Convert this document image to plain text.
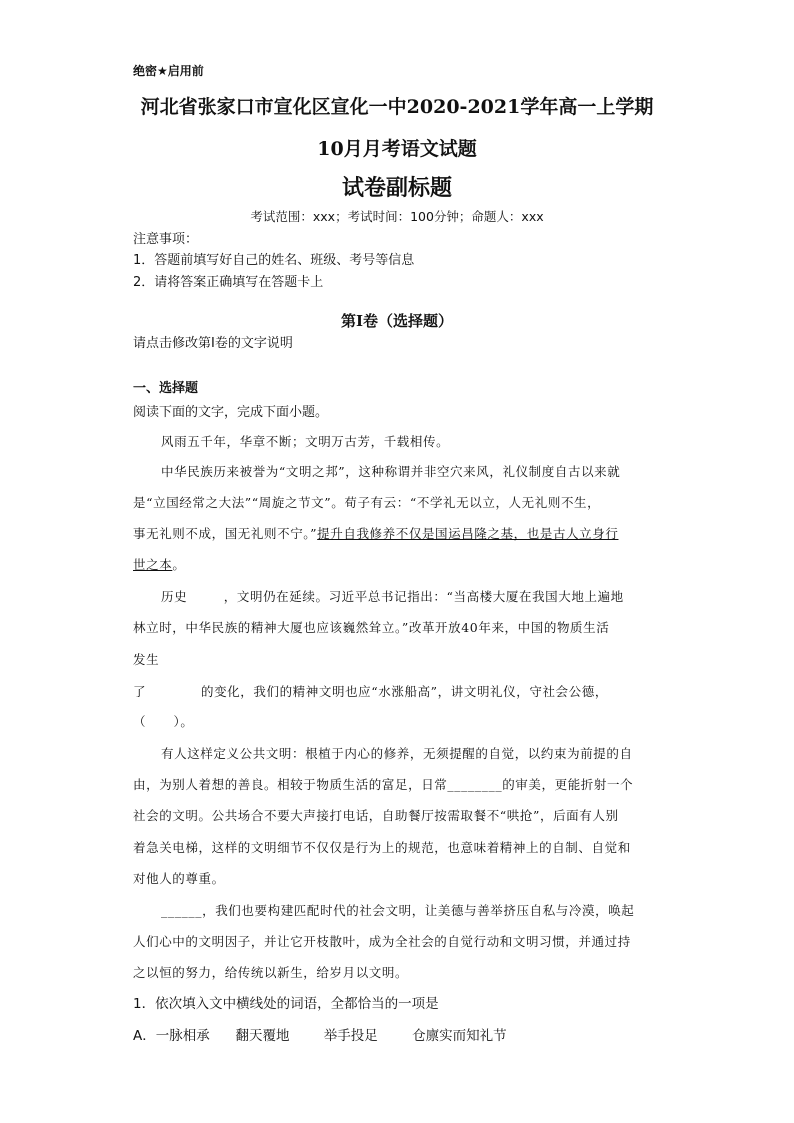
绝密★启用前
河北省张家口市宣化区宣化一中2020-2021学年高一上学期
10月月考语文试题
试卷副标题
考试范围：xxx；考试时间：100分钟；命题人：xxx
注意事项：
1．答题前填写好自己的姓名、班级、考号等信息
2．请将答案正确填写在答题卡上
第I卷（选择题）
请点击修改第I卷的文字说明
一、选择题
阅读下面的文字，完成下面小题。
风雨五千年，华章不断；文明万古芳，千载相传。
中华民族历来被誉为“文明之邦”，这种称谓并非空穴来风，礼仪制度自古以来就
是“立国经常之大法”“周旋之节文”。荀子有云：“不学礼无以立，人无礼则不生，
事无礼则不成，国无礼则不宁。”提升自我修养不仅是国运昌隆之基，也是古人立身行
世之本。
历史        ，文明仍在延续。习近平总书记指出：“当高楼大厦在我国大地上遍地
林立时，中华民族的精神大厦也应该巍然耸立。”改革开放40年来，中国的物质生活
发生
了            的变化，我们的精神文明也应“水涨船高”，讲文明礼仪，守社会公德，
（      ）。
有人这样定义公共文明：根植于内心的修养，无须提醒的自觉，以约束为前提的自
由，为别人着想的善良。相较于物质生活的富足，日常________的审美，更能折射一个
社会的文明。公共场合不要大声接打电话，自助餐厅按需取餐不“哄抢”，后面有人别
着急关电梯，这样的文明细节不仅仅是行为上的规范，也意味着精神上的自制、自觉和
对他人的尊重。
______，我们也要构建匹配时代的社会文明，让美德与善举挤压自私与冷漠，唤起
人们心中的文明因子，并让它开枝散叶，成为全社会的自觉行动和文明习惯，并通过持
之以恒的努力，给传统以新生，给岁月以文明。
1．依次填入文中横线处的词语，全都恰当的一项是
A．一脉相承      翻天覆地        举手投足        仓廪实而知礼节
